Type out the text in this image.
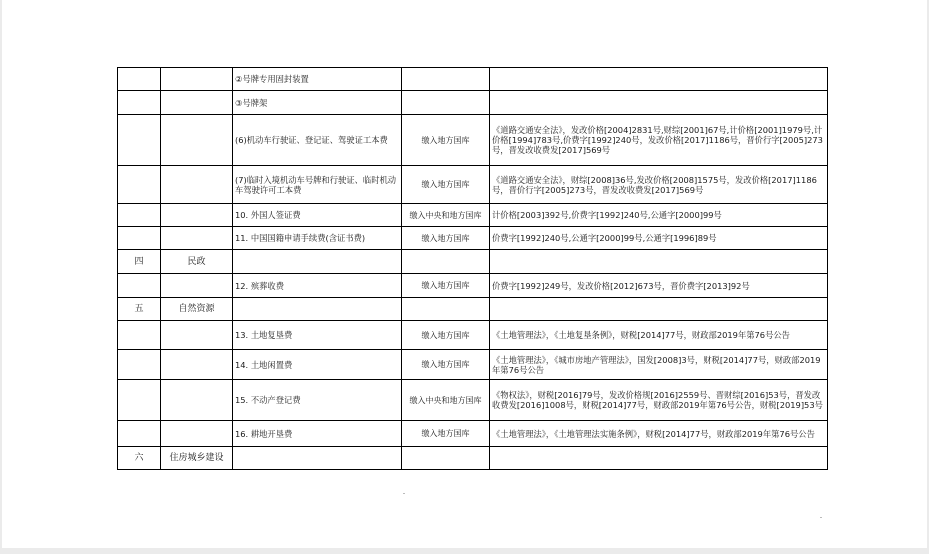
		②号牌专用固封装置		
		③号牌架		
		(6)机动车行驶证、登记证、驾驶证工本费	缴入地方国库	《道路交通安全法》，发改价格[2004]2831号,财综[2001]67号,计价格[2001]1979号,计价格[1994]783号,价费字[1992]240号，发改价格[2017]1186号，晋价行字[2005]273号，晋发改收费发[2017]569号
		(7)临时入境机动车号牌和行驶证、临时机动车驾驶许可工本费	缴入地方国库	《道路交通安全法》，财综[2008]36号,发改价格[2008]1575号，发改价格[2017]1186号，晋价行字[2005]273号，晋发改收费发[2017]569号
		10. 外国人签证费	缴入中央和地方国库	计价格[2003]392号,价费字[1992]240号,公通字[2000]99号
		11. 中国国籍申请手续费(含证书费)	缴入地方国库	价费字[1992]240号,公通字[2000]99号,公通字[1996]89号
四	民政			
		12. 殡葬收费	缴入地方国库	价费字[1992]249号，发改价格[2012]673号，晋价费字[2013]92号
五	自然资源			
		13. 土地复垦费	缴入地方国库	《土地管理法》，《土地复垦条例》，财税[2014]77号，财政部2019年第76号公告
		14. 土地闲置费	缴入地方国库	《土地管理法》，《城市房地产管理法》，国发[2008]3号，财税[2014]77号，财政部2019年第76号公告
		15. 不动产登记费	缴入中央和地方国库	《物权法》，财税[2016]79号，发改价格规[2016]2559号、晋财综[2016]53号，晋发改收费发[2016]1008号，财税[2014]77号，财政部2019年第76号公告，财税[2019]53号
		16. 耕地开垦费	缴入地方国库	《土地管理法》，《土地管理法实施条例》，财税[2014]77号，财政部2019年第76号公告
六	住房城乡建设			
